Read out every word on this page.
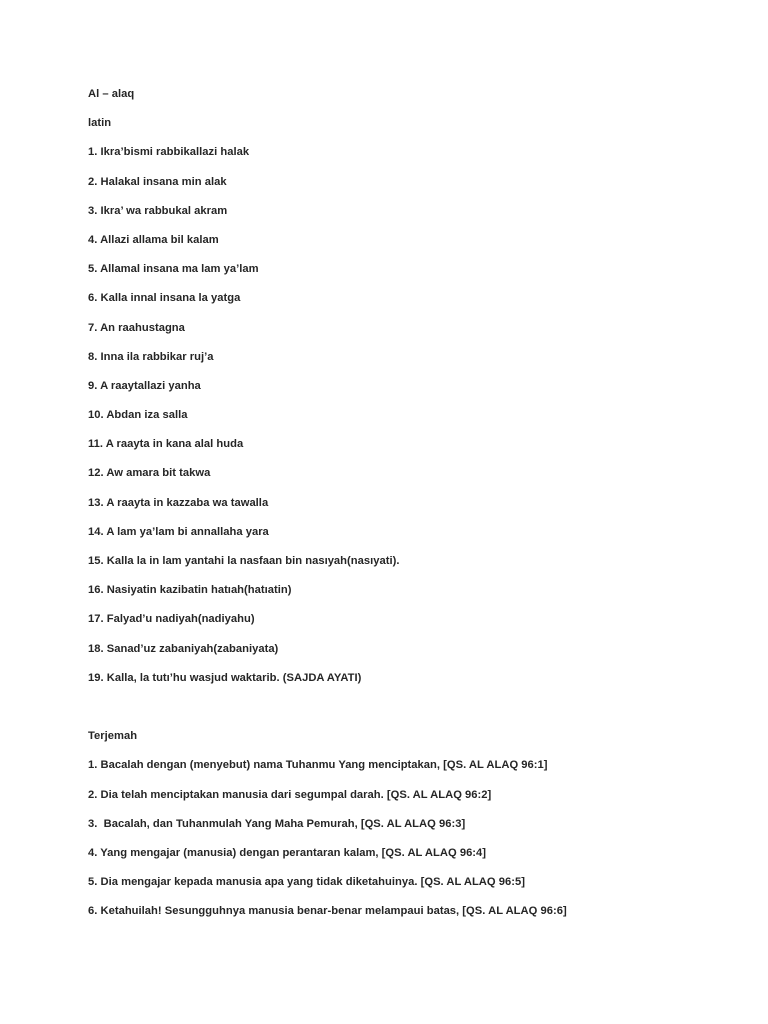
Al – alaq

latin

1. Ikra’bismi rabbikallazi halak

2. Halakal insana min alak

3. Ikra’ wa rabbukal akram

4. Allazi allama bil kalam

5. Allamal insana ma lam ya’lam

6. Kalla innal insana la yatga

7. An raahustagna

8. Inna ila rabbikar ruj’a

9. A raaytallazi yanha

10. Abdan iza salla

11. A raayta in kana alal huda

12. Aw amara bit takwa

13. A raayta in kazzaba wa tawalla

14. A lam ya’lam bi annallaha yara

15. Kalla la in lam yantahi la nasfaan bin nasıyah(nasıyati).

16. Nasiyatin kazibatin hatıah(hatıatin)

17. Falyad’u nadiyah(nadiyahu)

18. Sanad’uz zabaniyah(zabaniyata)

19. Kalla, la tutı’hu wasjud waktarib. (SAJDA AYATI)

Terjemah

1. Bacalah dengan (menyebut) nama Tuhanmu Yang menciptakan, [QS. AL ALAQ 96:1]

2. Dia telah menciptakan manusia dari segumpal darah. [QS. AL ALAQ 96:2]

3.  Bacalah, dan Tuhanmulah Yang Maha Pemurah, [QS. AL ALAQ 96:3]

4. Yang mengajar (manusia) dengan perantaran kalam, [QS. AL ALAQ 96:4]

5. Dia mengajar kepada manusia apa yang tidak diketahuinya. [QS. AL ALAQ 96:5]

6. Ketahuilah! Sesungguhnya manusia benar-benar melampaui batas, [QS. AL ALAQ 96:6]
